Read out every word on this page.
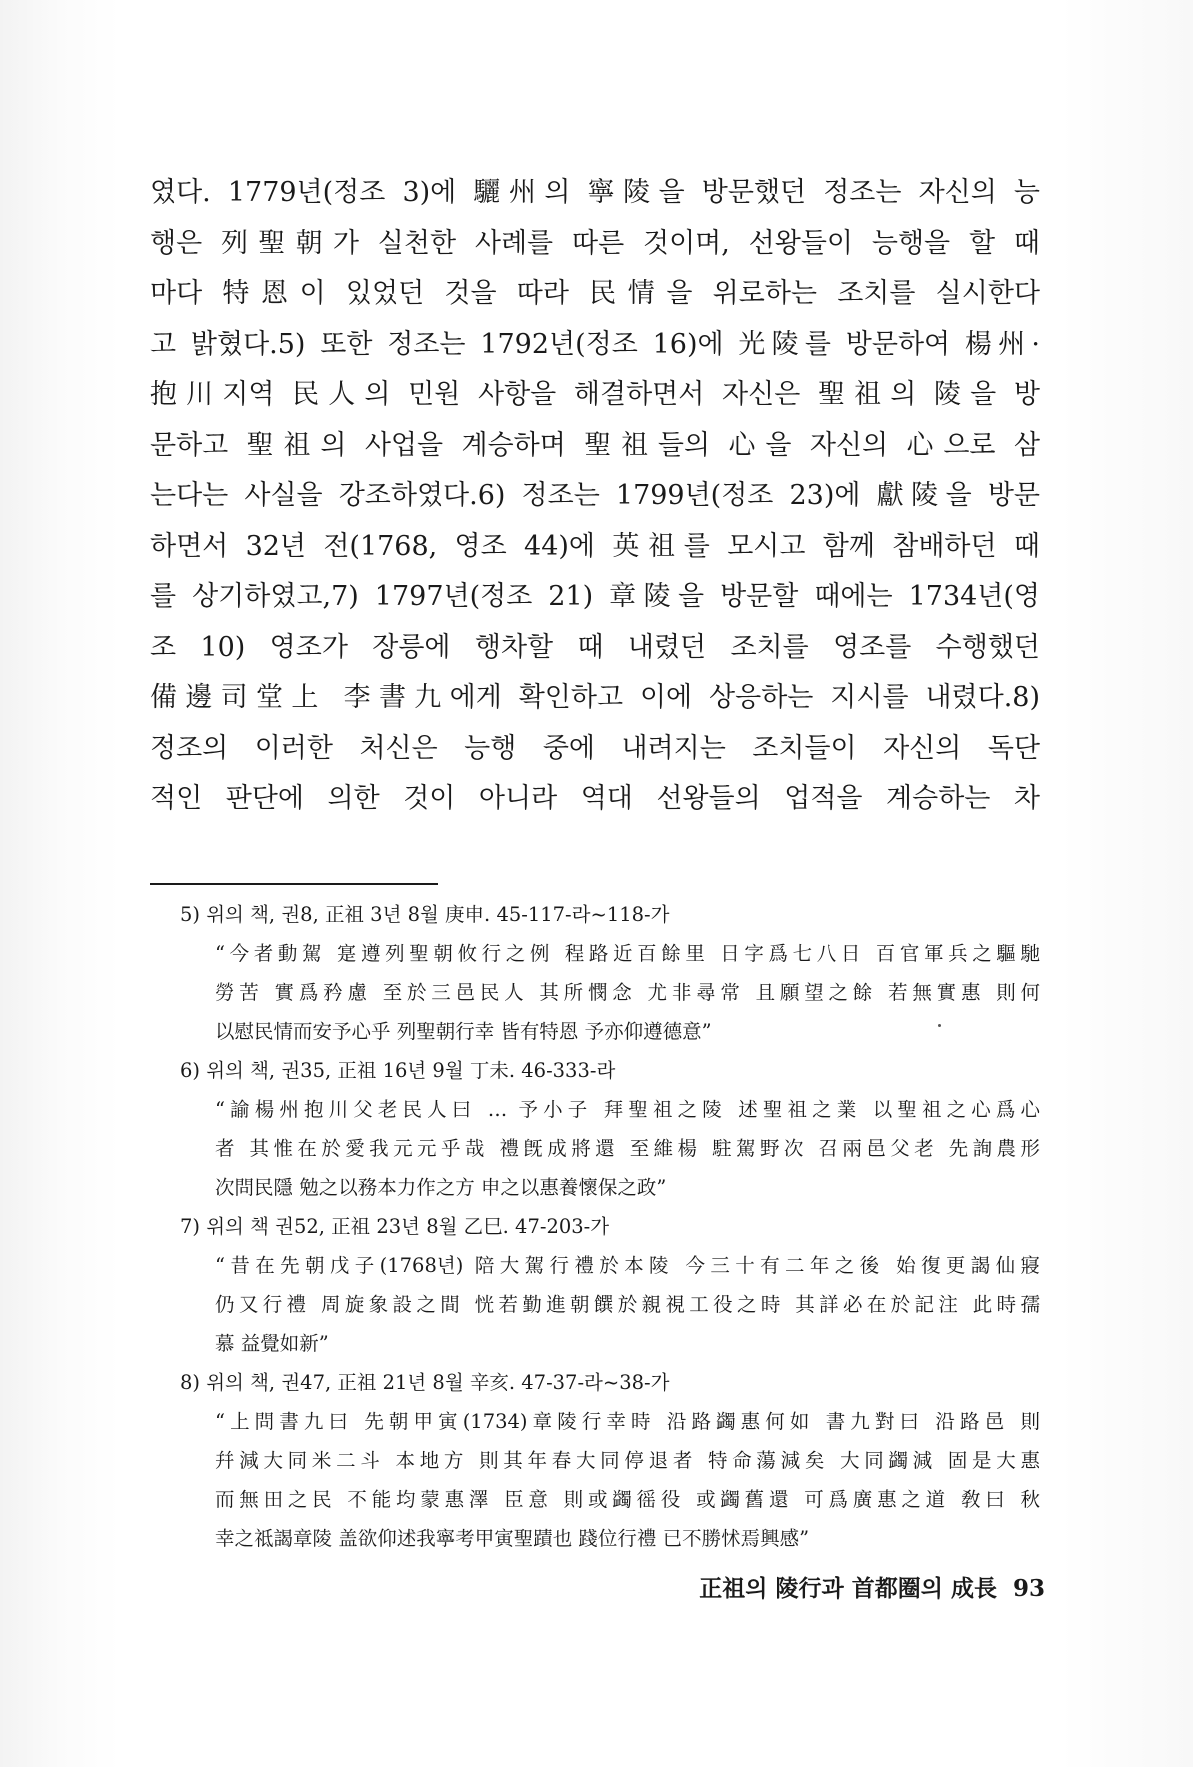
였다. 1779년(정조 3)에 驪州의 寧陵을 방문했던 정조는 자신의 능
행은 列聖朝가 실천한 사례를 따른 것이며, 선왕들이 능행을 할 때
마다 特恩이 있었던 것을 따라 民情을 위로하는 조치를 실시한다
고 밝혔다.5) 또한 정조는 1792년(정조 16)에 光陵를 방문하여 楊州·
抱川지역 民人의 민원 사항을 해결하면서 자신은 聖祖의 陵을 방
문하고 聖祖의 사업을 계승하며 聖祖들의 心을 자신의 心으로 삼
는다는 사실을 강조하였다.6) 정조는 1799년(정조 23)에 獻陵을 방문
하면서 32년 전(1768, 영조 44)에 英祖를 모시고 함께 참배하던 때
를 상기하였고,7) 1797년(정조 21) 章陵을 방문할 때에는 1734년(영
조 10) 영조가 장릉에 행차할 때 내렸던 조치를 영조를 수행했던
備邊司堂上 李書九에게 확인하고 이에 상응하는 지시를 내렸다.8)
정조의 이러한 처신은 능행 중에 내려지는 조치들이 자신의 독단
적인 판단에 의한 것이 아니라 역대 선왕들의 업적을 계승하는 차
5) 위의 책, 권8, 正祖 3년 8월 庚申. 45-117-라~118-가
“今者動駕 寔遵列聖朝攸行之例 程路近百餘里 日字爲七八日 百官軍兵之驅馳
勞苦 實爲矜慮 至於三邑民人 其所憫念 尤非尋常 且願望之餘 若無實惠 則何
以慰民情而安予心乎 列聖朝行幸 皆有特恩 予亦仰遵德意”
6) 위의 책, 권35, 正祖 16년 9월 丁未. 46-333-라
“諭楊州抱川父老民人曰 … 予小子 拜聖祖之陵 述聖祖之業 以聖祖之心爲心
者 其惟在於愛我元元乎哉 禮旣成將還 至維楊 駐駕野次 召兩邑父老 先詢農形
次問民隱 勉之以務本力作之方 申之以惠養懷保之政”
7) 위의 책 권52, 正祖 23년 8월 乙巳. 47-203-가
“昔在先朝戊子(1768년) 陪大駕行禮於本陵 今三十有二年之後 始復更謁仙寢
仍又行禮 周旋象設之間 恍若勤進朝饌於親視工役之時 其詳必在於記注 此時孺
慕 益覺如新”
8) 위의 책, 권47, 正祖 21년 8월 辛亥. 47-37-라~38-가
“上問書九曰 先朝甲寅(1734)章陵行幸時 沿路蠲惠何如 書九對曰 沿路邑 則
幷減大同米二斗 本地方 則其年春大同停退者 特命蕩減矣 大同蠲減 固是大惠
而無田之民 不能均蒙惠澤 臣意 則或蠲徭役 或蠲舊還 可爲廣惠之道 敎曰 秋
幸之祗謁章陵 盖欲仰述我寧考甲寅聖蹟也 踐位行禮 已不勝怵焉興感”
正祖의 陵行과 首都圈의 成長 93
